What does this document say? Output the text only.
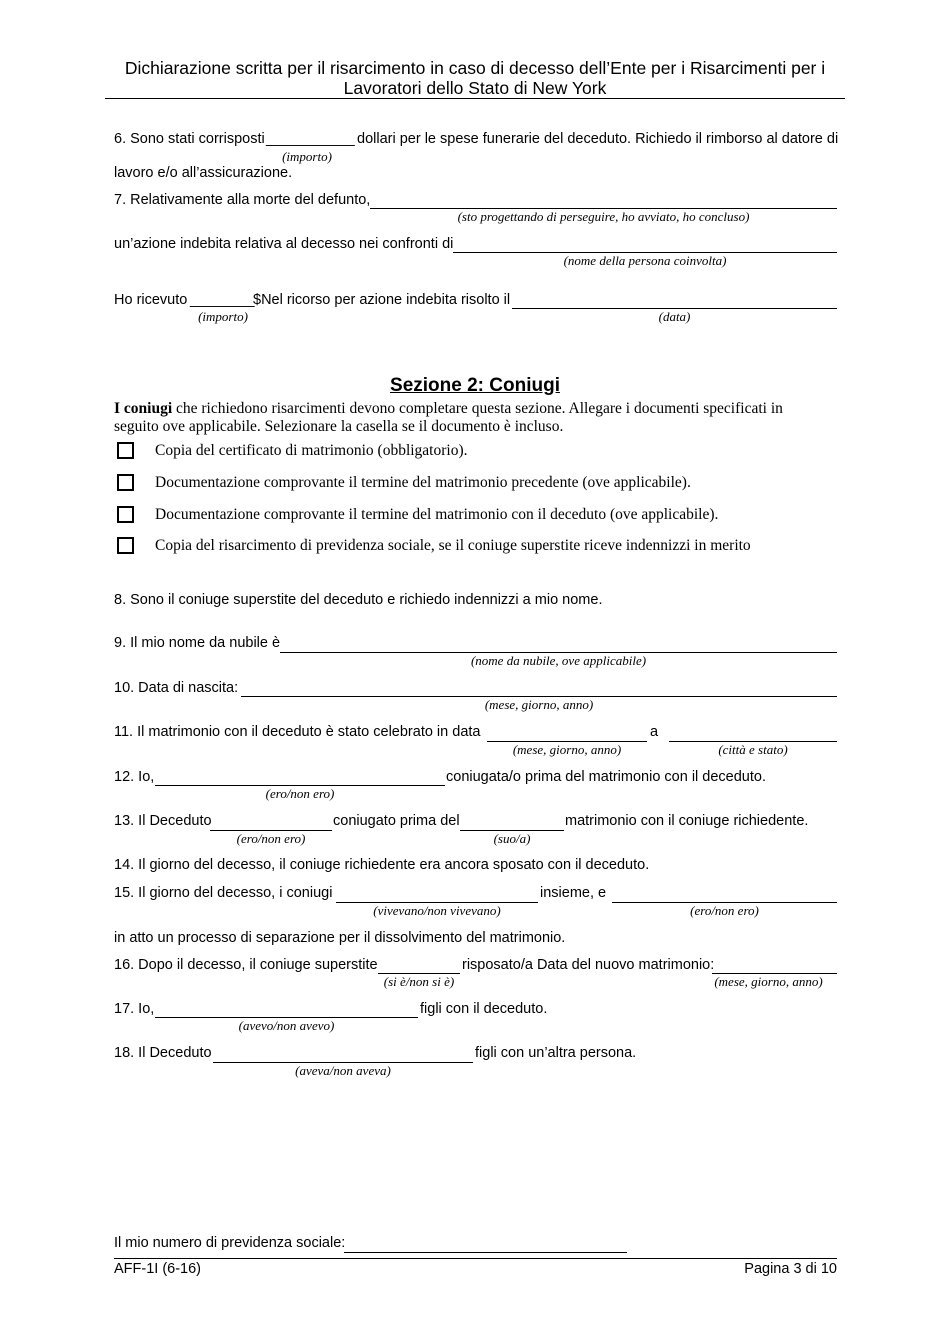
Dichiarazione scritta per il risarcimento in caso di decesso dell’Ente per i Risarcimenti per i
Lavoratori dello Stato di New York
6. Sono stati corrisposti ___________ dollari per le spese funerarie del deceduto. Richiedo il rimborso al datore di
(importo)
lavoro e/o all’assicurazione.
7. Relativamente alla morte del defunto,
(sto progettando di perseguire, ho avviato, ho concluso)
un’azione indebita relativa al decesso nei confronti di
(nome della persona coinvolta)
Ho ricevuto ________
$Nel ricorso per azione indebita risolto il
(importo)	(data)
Sezione 2: Coniugi
I coniugi che richiedono risarcimenti devono completare questa sezione. Allegare i documenti specificati in
seguito ove applicabile. Selezionare la casella se il documento è incluso.
Copia del certificato di matrimonio (obbligatorio).
Documentazione comprovante il termine del matrimonio precedente (ove applicabile).
Documentazione comprovante il termine del matrimonio con il deceduto (ove applicabile).
Copia del risarcimento di previdenza sociale, se il coniuge superstite riceve indennizzi in merito
8. Sono il coniuge superstite del deceduto e richiedo indennizzi a mio nome.
9. Il mio nome da nubile è
(nome da nubile, ove applicabile)
10. Data di nascita:
(mese, giorno, anno)
11. Il matrimonio con il deceduto è stato celebrato in data	a
(mese, giorno, anno)	(città e stato)
12. Io,	coniugata/o prima del matrimonio con il deceduto.
(ero/non ero)
13. Il Deceduto	coniugato prima del	matrimonio con il coniuge richiedente.
(ero/non ero)	(suo/a)
14. Il giorno del decesso, il coniuge richiedente era ancora sposato con il deceduto.
15. Il giorno del decesso, i coniugi	insieme, e
(vivevano/non vivevano)	(ero/non ero)
in atto un processo di separazione per il dissolvimento del matrimonio.
16. Dopo il decesso, il coniuge superstite	risposato/a Data del nuovo matrimonio:
(si è/non si è)	(mese, giorno, anno)
17. Io,	figli con il deceduto.
(avevo/non avevo)
18. Il Deceduto	figli con un’altra persona.
(aveva/non aveva)
Il mio numero di previdenza sociale:
AFF-1I (6-16)	Pagina 3 di 10
